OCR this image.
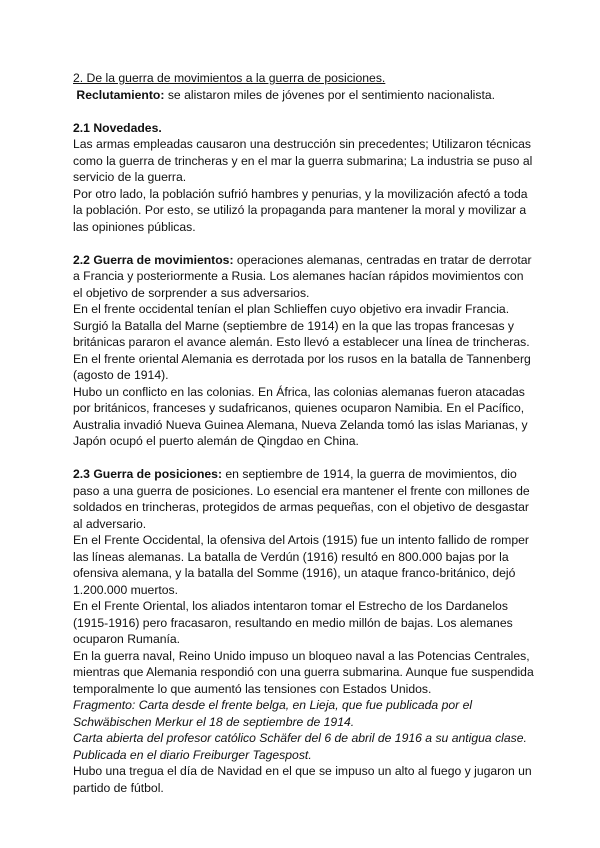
2. De la guerra de movimientos a la guerra de posiciones.

Reclutamiento: se alistaron miles de jóvenes por el sentimiento nacionalista.

2.1 Novedades.

Las armas empleadas causaron una destrucción sin precedentes; Utilizaron técnicas como la guerra de trincheras y en el mar la guerra submarina; La industria se puso al servicio de la guerra.

Por otro lado, la población sufrió hambres y penurias, y la movilización afectó a toda la población. Por esto, se utilizó la propaganda para mantener la moral y movilizar a las opiniones públicas.

2.2 Guerra de movimientos: operaciones alemanas, centradas en tratar de derrotar a Francia y posteriormente a Rusia. Los alemanes hacían rápidos movimientos con el objetivo de sorprender a sus adversarios.

En el frente occidental tenían el plan Schlieffen cuyo objetivo era invadir Francia. Surgió la Batalla del Marne (septiembre de 1914) en la que las tropas francesas y británicas pararon el avance alemán. Esto llevó a establecer una línea de trincheras.

En el frente oriental Alemania es derrotada por los rusos en la batalla de Tannenberg (agosto de 1914).

Hubo un conflicto en las colonias. En África, las colonias alemanas fueron atacadas por británicos, franceses y sudafricanos, quienes ocuparon Namibia. En el Pacífico, Australia invadió Nueva Guinea Alemana, Nueva Zelanda tomó las islas Marianas, y Japón ocupó el puerto alemán de Qingdao en China.

2.3 Guerra de posiciones: en septiembre de 1914, la guerra de movimientos, dio paso a una guerra de posiciones. Lo esencial era mantener el frente con millones de soldados en trincheras, protegidos de armas pequeñas, con el objetivo de desgastar al adversario.

En el Frente Occidental, la ofensiva del Artois (1915) fue un intento fallido de romper las líneas alemanas. La batalla de Verdún (1916) resultó en 800.000 bajas por la ofensiva alemana, y la batalla del Somme (1916), un ataque franco-británico, dejó 1.200.000 muertos.

En el Frente Oriental, los aliados intentaron tomar el Estrecho de los Dardanelos (1915-1916) pero fracasaron, resultando en medio millón de bajas. Los alemanes ocuparon Rumanía.

En la guerra naval, Reino Unido impuso un bloqueo naval a las Potencias Centrales, mientras que Alemania respondió con una guerra submarina. Aunque fue suspendida temporalmente lo que aumentó las tensiones con Estados Unidos.

Fragmento: Carta desde el frente belga, en Lieja, que fue publicada por el Schwäbischen Merkur el 18 de septiembre de 1914.

Carta abierta del profesor católico Schäfer del 6 de abril de 1916 a su antigua clase. Publicada en el diario Freiburger Tagespost.

Hubo una tregua el día de Navidad en el que se impuso un alto al fuego y jugaron un partido de fútbol.
